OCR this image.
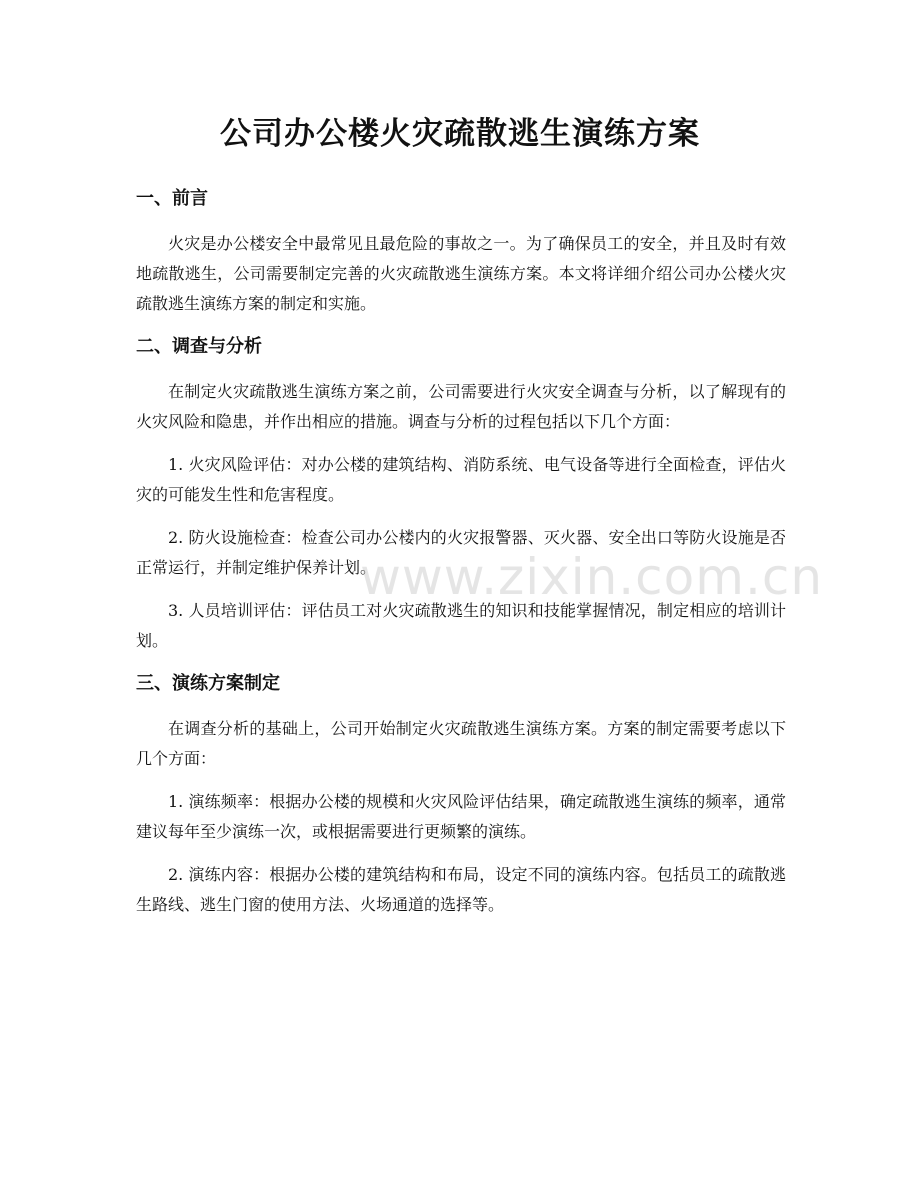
公司办公楼火灾疏散逃生演练方案
一、前言

火灾是办公楼安全中最常见且最危险的事故之一。为了确保员工的安全，并且及时有效地疏散逃生，公司需要制定完善的火灾疏散逃生演练方案。本文将详细介绍公司办公楼火灾疏散逃生演练方案的制定和实施。

二、调查与分析

在制定火灾疏散逃生演练方案之前，公司需要进行火灾安全调查与分析，以了解现有的火灾风险和隐患，并作出相应的措施。调查与分析的过程包括以下几个方面：

1. 火灾风险评估：对办公楼的建筑结构、消防系统、电气设备等进行全面检查，评估火灾的可能发生性和危害程度。

2. 防火设施检查：检查公司办公楼内的火灾报警器、灭火器、安全出口等防火设施是否正常运行，并制定维护保养计划。

3. 人员培训评估：评估员工对火灾疏散逃生的知识和技能掌握情况，制定相应的培训计划。

三、演练方案制定

在调查分析的基础上，公司开始制定火灾疏散逃生演练方案。方案的制定需要考虑以下几个方面：

1. 演练频率：根据办公楼的规模和火灾风险评估结果，确定疏散逃生演练的频率，通常建议每年至少演练一次，或根据需要进行更频繁的演练。

2. 演练内容：根据办公楼的建筑结构和布局，设定不同的演练内容。包括员工的疏散逃生路线、逃生门窗的使用方法、火场通道的选择等。

www.zixin.com.cn
